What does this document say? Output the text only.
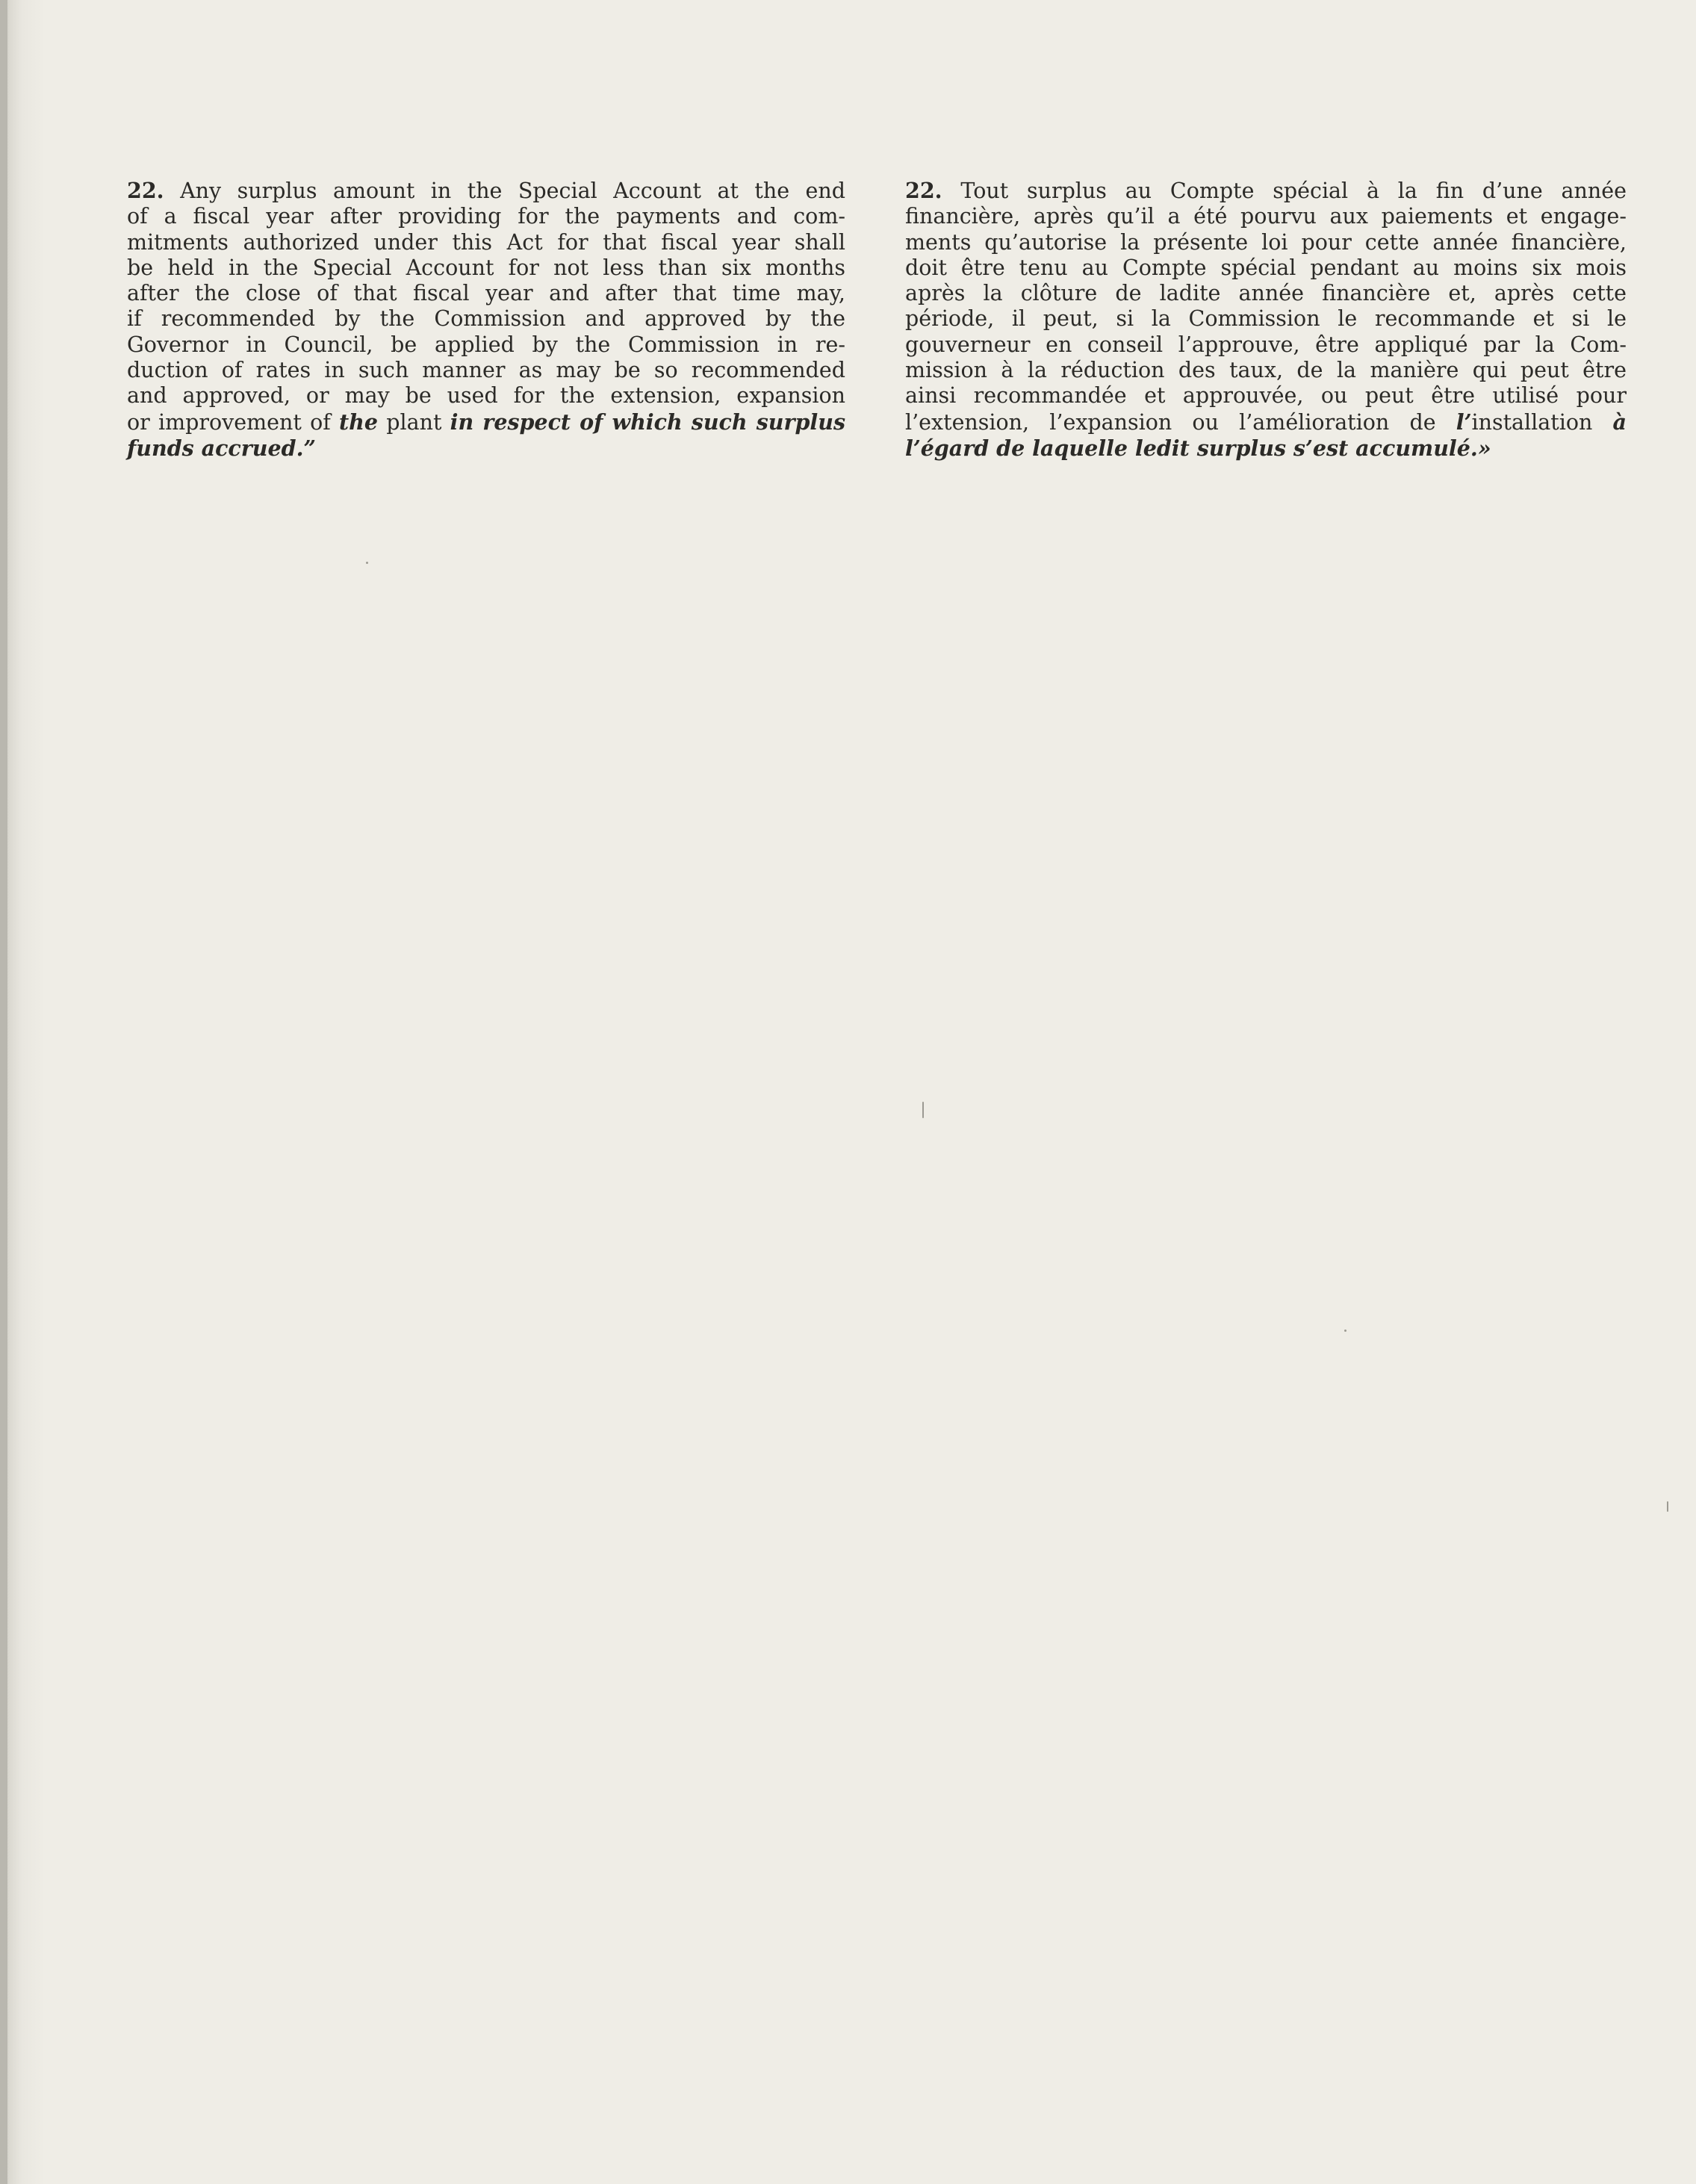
22. Any surplus amount in the Special Account at the end
of a fiscal year after providing for the payments and com-
mitments authorized under this Act for that fiscal year shall
be held in the Special Account for not less than six months
after the close of that fiscal year and after that time may,
if recommended by the Commission and approved by the
Governor in Council, be applied by the Commission in re-
duction of rates in such manner as may be so recommended
and approved, or may be used for the extension, expansion
or improvement of the plant in respect of which such surplus
funds accrued.”
22. Tout surplus au Compte spécial à la fin d’une année
financière, après qu’il a été pourvu aux paiements et engage-
ments qu’autorise la présente loi pour cette année financière,
doit être tenu au Compte spécial pendant au moins six mois
après la clôture de ladite année financière et, après cette
période, il peut, si la Commission le recommande et si le
gouverneur en conseil l’approuve, être appliqué par la Com-
mission à la réduction des taux, de la manière qui peut être
ainsi recommandée et approuvée, ou peut être utilisé pour
l’extension, l’expansion ou l’amélioration de l’installation à
l’égard de laquelle ledit surplus s’est accumulé.»
